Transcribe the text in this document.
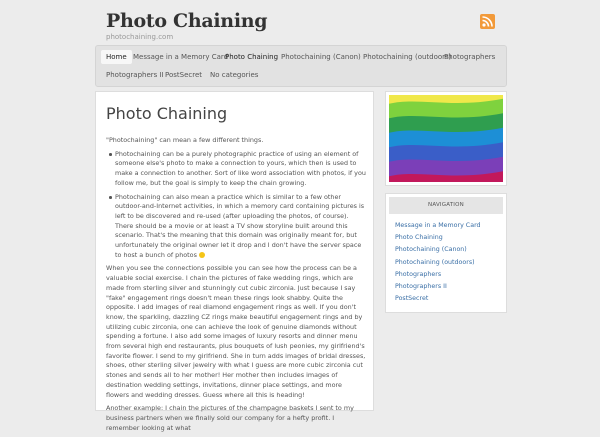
Photo Chaining
photochaining.com
Home Message in a Memory Card
Photo Chaining Photochaining (Canon) Photochaining (outdoors)
Photographers
Photographers II PostSecret	No categories
Photo Chaining

"Photochaining" can mean a few different things.

Photochaining can be a purely photographic practice of using an element of someone else's photo to make a connection to yours, which then is used to make a connection to another. Sort of like word association with photos, if you follow me, but the goal is simply to keep the chain growing.
Photochaining can also mean a practice which is similar to a few other outdoor-and-Internet activities, in which a memory card containing pictures is left to be discovered and re-used (after uploading the photos, of course). There should be a movie or at least a TV show storyline built around this scenario. That's the meaning that this domain was originally meant for, but unfortunately the original owner let it drop and I don't have the server space to host a bunch of photos

When you see the connections possible you can see how the process can be a valuable social exercise. I chain the pictures of fake wedding rings, which are made from sterling silver and stunningly cut cubic zirconia. Just because I say "fake" engagement rings doesn't mean these rings look shabby. Quite the opposite. I add images of real diamond engagement rings as well. If you don't know, the sparkling, dazzling CZ rings make beautiful engagement rings and by utilizing cubic zirconia, one can achieve the look of genuine diamonds without spending a fortune. I also add some images of luxury resorts and dinner menu from several high end restaurants, plus bouquets of lush peonies, my girlfriend's favorite flower. I send to my girlfriend. She in turn adds images of bridal dresses, shoes, other sterling silver jewelry with what I guess are more cubic zirconia cut stones and sends all to her mother! Her mother then includes images of destination wedding settings, invitations, dinner place settings, and more flowers and wedding dresses. Guess where all this is heading!

Another example: I chain the pictures of the champagne baskets I sent to my business partners when we finally sold our company for a hefty profit. I remember looking at what

NAVIGATION
Message in a Memory Card
Photo Chaining
Photochaining (Canon)
Photochaining (outdoors)
Photographers
Photographers II
PostSecret
